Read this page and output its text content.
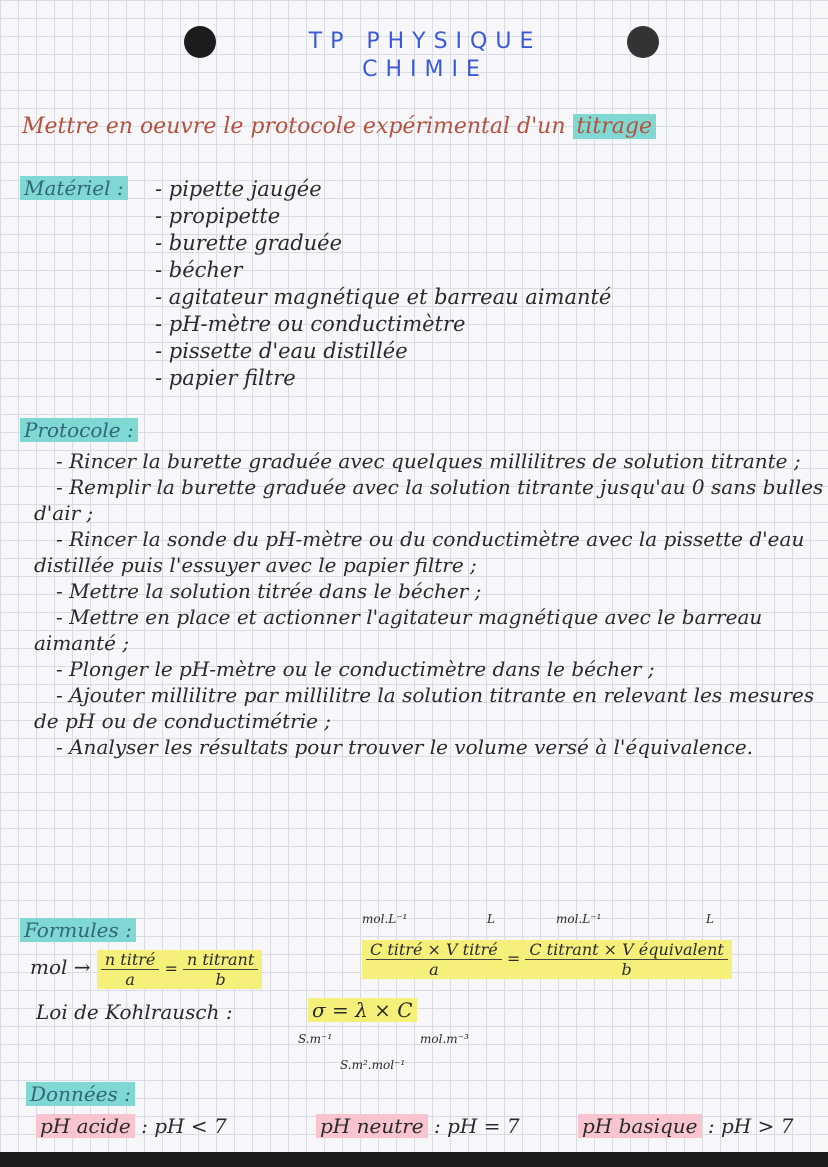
TP PHYSIQUE
CHIMIE
Mettre en oeuvre le protocole expérimental d'un titrage
Matériel : - pipette jaugée
- propipette
- burette graduée
- bécher
- agitateur magnétique et barreau aimanté
- pH-mètre ou conductimètre
- pissette d'eau distillée
- papier filtre
Protocole :
- Rincer la burette graduée avec quelques millilitres de solution titrante ;
- Remplir la burette graduée avec la solution titrante jusqu'au 0 sans bulles d'air ;
- Rincer la sonde du pH-mètre ou du conductimètre avec la pissette d'eau distillée puis l'essuyer avec le papier filtre ;
- Mettre la solution titrée dans le bécher ;
- Mettre en place et actionner l'agitateur magnétique avec le barreau aimanté ;
- Plonger le pH-mètre ou le conductimètre dans le bécher ;
- Ajouter millilitre par millilitre la solution titrante en relevant les mesures de pH ou de conductimétrie ;
- Analyser les résultats pour trouver le volume versé à l'équivalence.
Formules :
mol → $\frac{\text{n titré}}{a} = \frac{\text{n titrant}}{b}$
mol.L⁻¹	L	mol.L⁻¹	L
$\frac{\text{C titré × V titré}}{a} = \frac{\text{C titrant × V équivalent}}{b}$
Loi de Kohlrausch :	σ = λ × C
S.m⁻¹	mol.m⁻³
S.m².mol⁻¹
Données :
pH acide : pH < 7	pH neutre : pH = 7	pH basique : pH > 7
